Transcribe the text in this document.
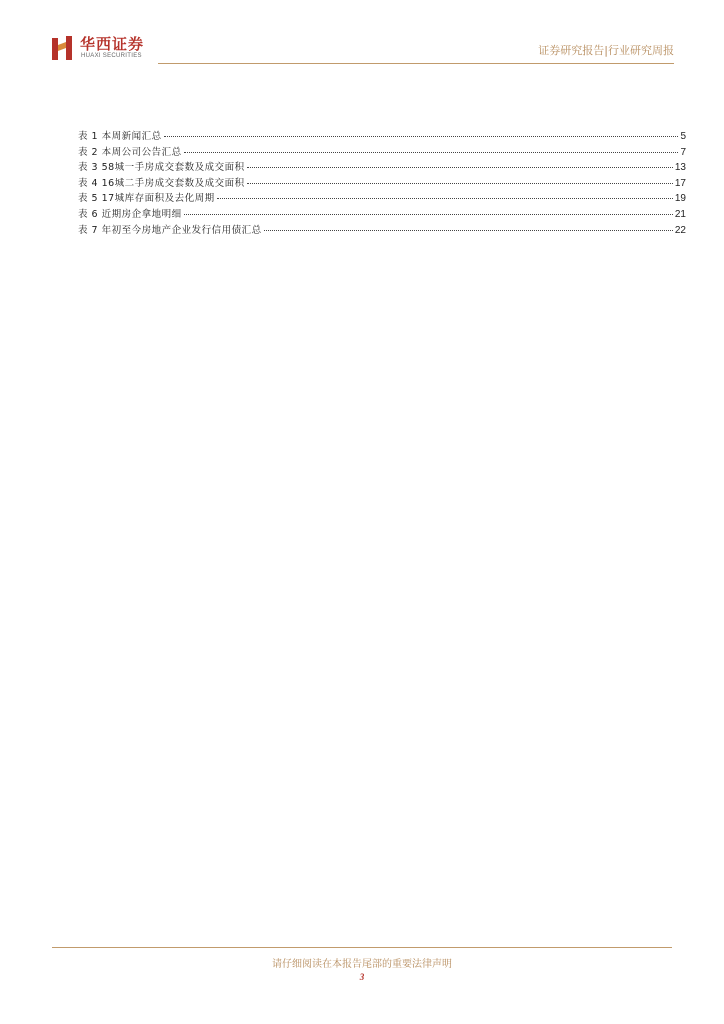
华西证券
HUAXI SECURITIES	证券研究报告|行业研究周报
表 1 本周新闻汇总	5
表 2 本周公司公告汇总	7
表 3 58城一手房成交套数及成交面积	13
表 4 16城二手房成交套数及成交面积	17
表 5 17城库存面积及去化周期	19
表 6 近期房企拿地明细	21
表 7 年初至今房地产企业发行信用债汇总	22
请仔细阅读在本报告尾部的重要法律声明
3
